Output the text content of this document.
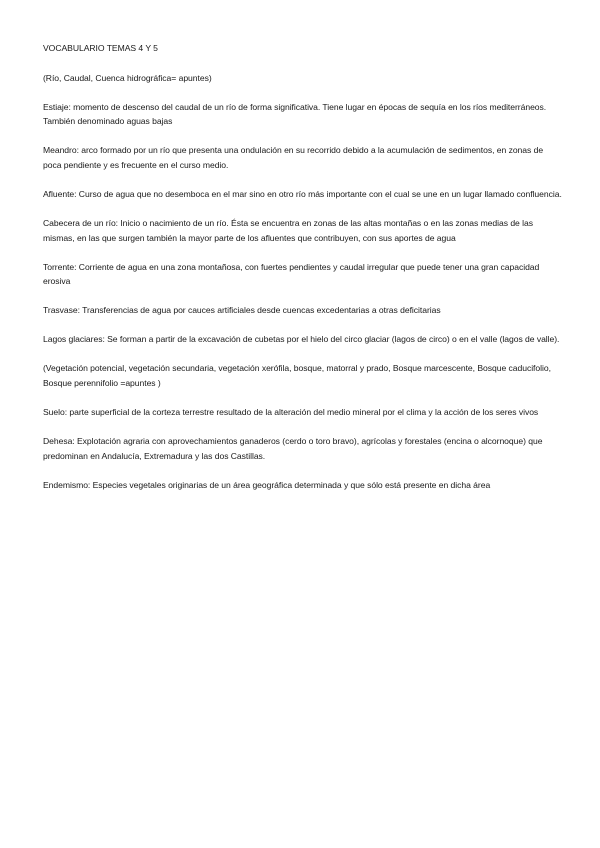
VOCABULARIO TEMAS 4 Y 5

(Río, Caudal, Cuenca hidrográfica= apuntes)

Estiaje: momento de descenso del caudal de un río de forma significativa. Tiene lugar en épocas de sequía en los ríos mediterráneos. También denominado aguas bajas

Meandro: arco formado por un río que presenta una ondulación en su recorrido debido a la acumulación de sedimentos, en zonas de poca pendiente y es frecuente en el curso medio.

Afluente: Curso de agua que no desemboca en el mar sino en otro río más importante con el cual se une en un lugar llamado confluencia.

Cabecera de un río: Inicio o nacimiento de un río. Ésta se encuentra en zonas de las altas montañas o en las zonas medias de las mismas, en las que surgen también la mayor parte de los afluentes que contribuyen, con sus aportes de agua

Torrente: Corriente de agua en una zona montañosa, con fuertes pendientes y caudal irregular que puede tener una gran capacidad erosiva

Trasvase: Transferencias de agua por cauces artificiales desde cuencas excedentarias a otras deficitarias

Lagos glaciares: Se forman a partir de la excavación de cubetas por el hielo del circo glaciar (lagos de circo) o en el valle (lagos de valle).

(Vegetación potencial, vegetación secundaria, vegetación xerófila, bosque, matorral y prado, Bosque marcescente, Bosque caducifolio, Bosque perennifolio =apuntes )

Suelo: parte superficial de la corteza terrestre resultado de la alteración del medio mineral por el clima y la acción de los seres vivos

Dehesa: Explotación agraria con aprovechamientos ganaderos (cerdo o toro bravo), agrícolas y forestales (encina o alcornoque) que predominan en Andalucía, Extremadura y las dos Castillas.

Endemismo: Especies vegetales originarias de un área geográfica determinada y que sólo está presente en dicha área
